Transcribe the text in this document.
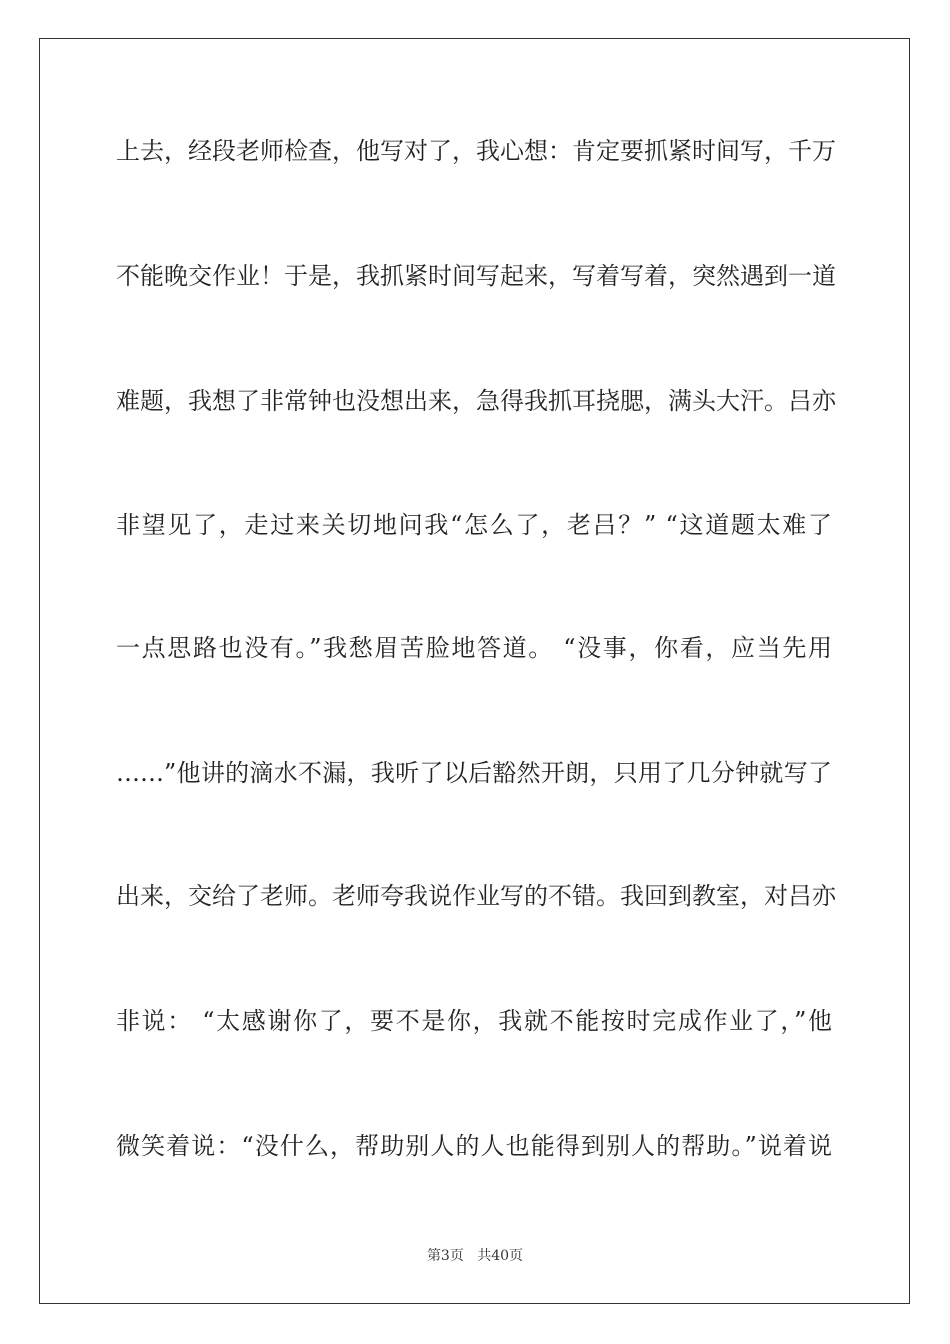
上去，经段老师检查，他写对了，我心想：肯定要抓紧时间写，千万
不能晚交作业！于是，我抓紧时间写起来，写着写着，突然遇到一道
难题，我想了非常钟也没想出来，急得我抓耳挠腮，满头大汗。吕亦
非望见了，走过来关切地问我“怎么了，老吕？” “这道题太难了
一点思路也没有。”我愁眉苦脸地答道。 “没事，你看，应当先用
……”他讲的滴水不漏，我听了以后豁然开朗，只用了几分钟就写了
出来，交给了老师。老师夸我说作业写的不错。我回到教室，对吕亦
非说： “太感谢你了，要不是你，我就不能按时完成作业了，”他
微笑着说：“没什么，帮助别人的人也能得到别人的帮助。”说着说
第3页 共40页
